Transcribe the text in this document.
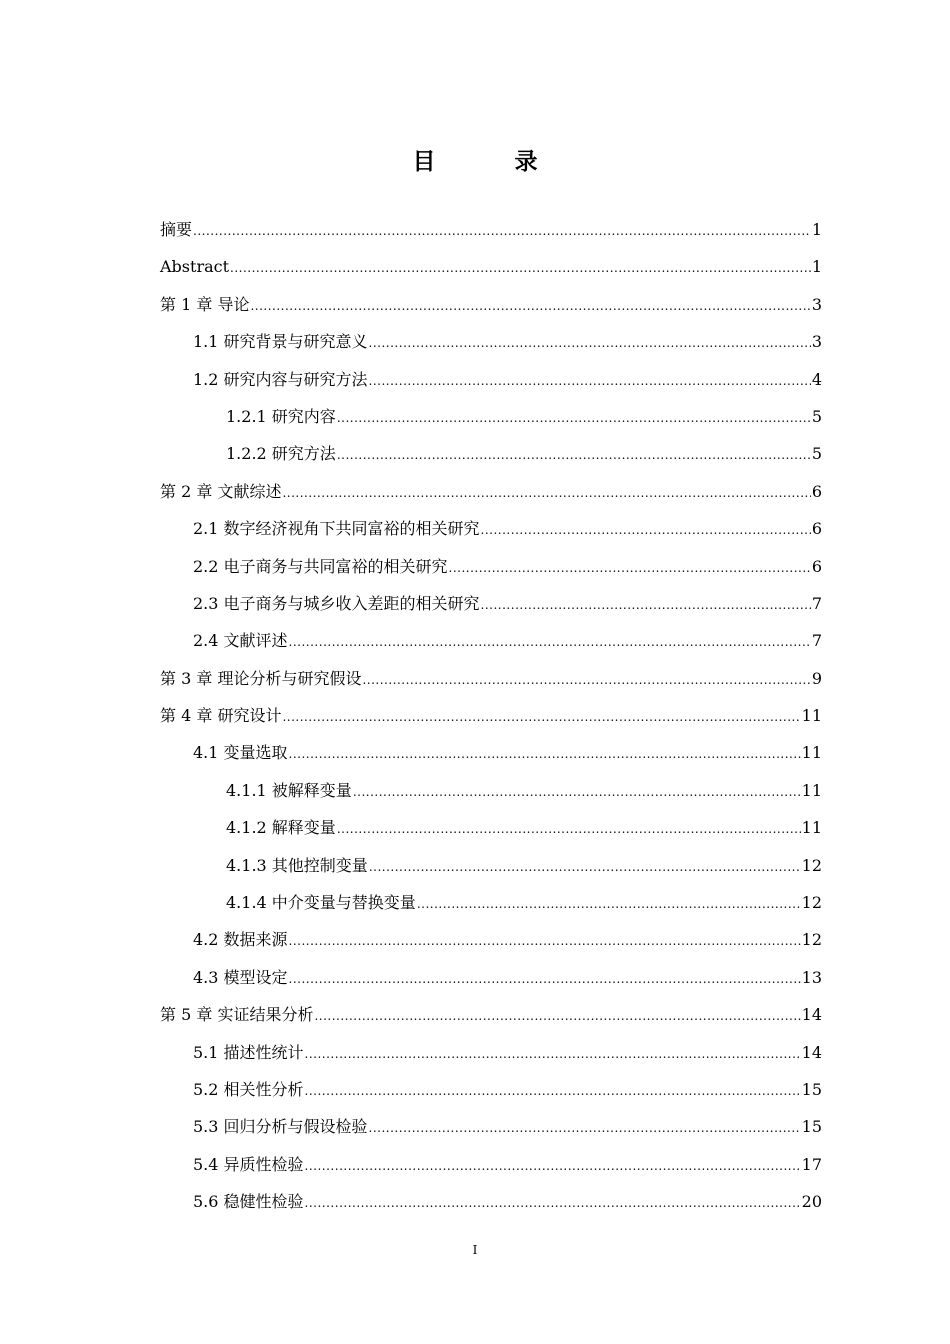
目　录
摘要 .....	1
Abstract .....	1
第 1 章 导论 .....	3
1.1 研究背景与研究意义 .....	3
1.2 研究内容与研究方法 .....	4
1.2.1 研究内容 .....	5
1.2.2 研究方法 .....	5
第 2 章 文献综述 .....	6
2.1 数字经济视角下共同富裕的相关研究 .....	6
2.2 电子商务与共同富裕的相关研究 .....	6
2.3 电子商务与城乡收入差距的相关研究 .....	7
2.4 文献评述 .....	7
第 3 章 理论分析与研究假设 .....	9
第 4 章 研究设计 .....	11
4.1 变量选取 .....	11
4.1.1 被解释变量 .....	11
4.1.2 解释变量 .....	11
4.1.3 其他控制变量 .....	12
4.1.4 中介变量与替换变量 .....	12
4.2 数据来源 .....	12
4.3 模型设定 .....	13
第 5 章 实证结果分析 .....	14
5.1 描述性统计 .....	14
5.2 相关性分析 .....	15
5.3 回归分析与假设检验 .....	15
5.4 异质性检验 .....	17
5.6 稳健性检验 .....	20
I
